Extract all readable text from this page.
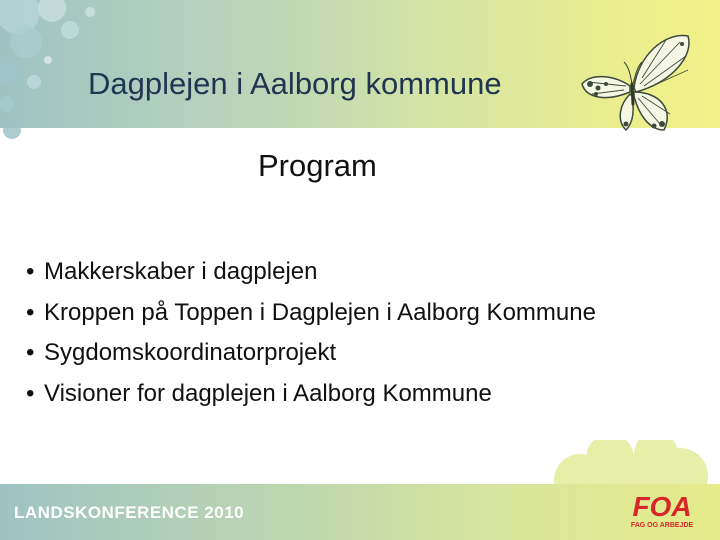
Dagplejen i Aalborg kommune
Program
• Makkerskaber i dagplejen
• Kroppen på Toppen i Dagplejen i Aalborg Kommune
• Sygdomskoordinatorprojekt
• Visioner for dagplejen i Aalborg Kommune
LANDSKONFERENCE 2010	FOA
FAG OG ARBEJDE
